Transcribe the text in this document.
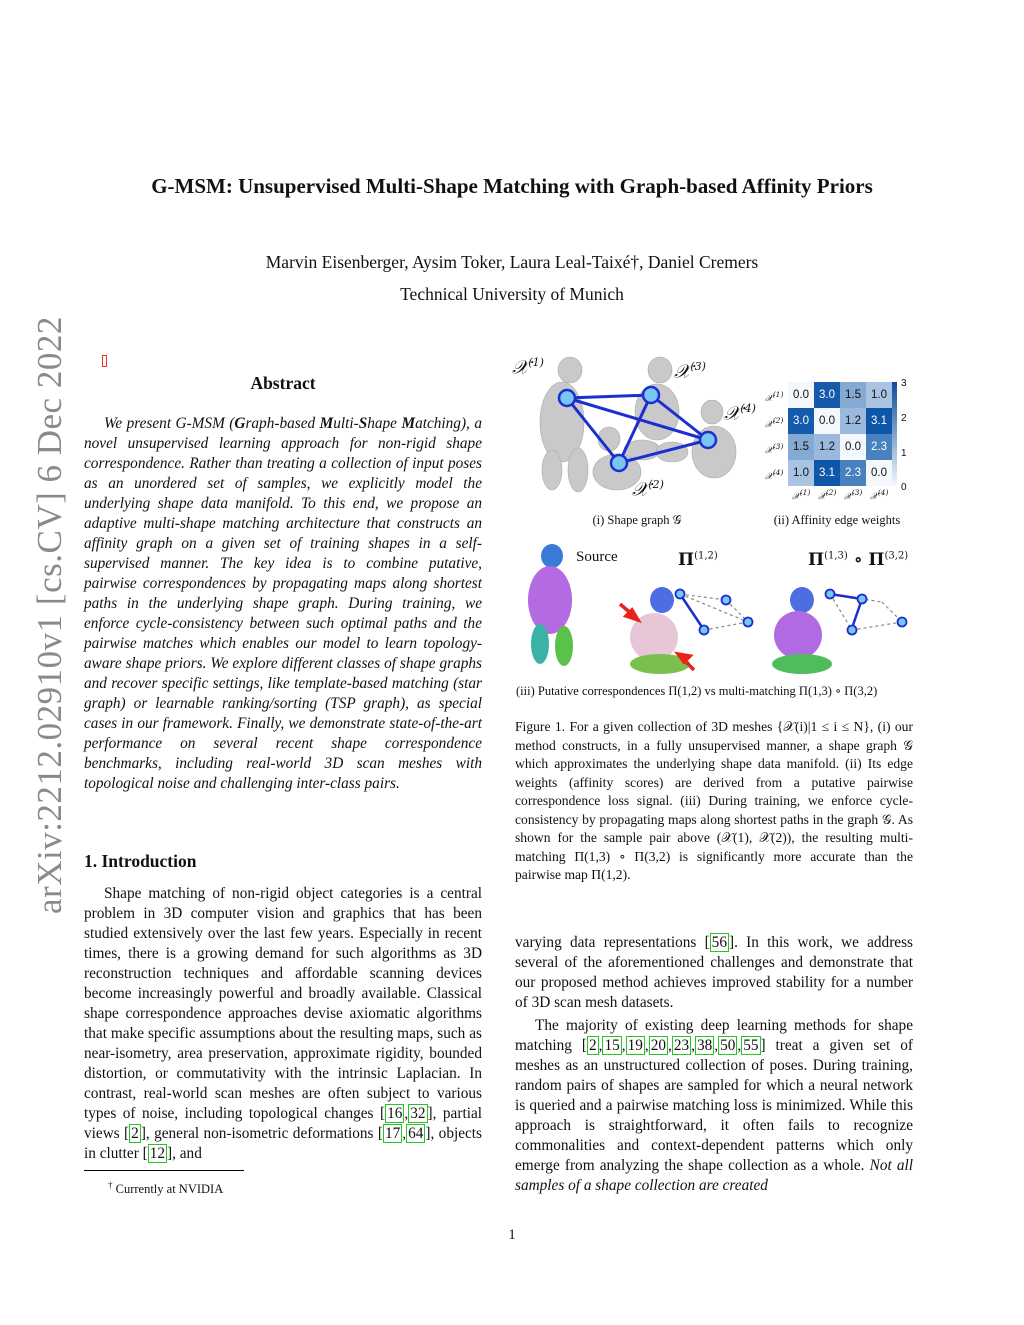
G-MSM: Unsupervised Multi-Shape Matching with Graph-based Affinity Priors
Marvin Eisenberger, Aysim Toker, Laura Leal-Taixé†, Daniel Cremers
Technical University of Munich
arXiv:2212.02910v1 [cs.CV] 6 Dec 2022	Abstract
We present G-MSM (Graph-based Multi-Shape Matching), a novel unsupervised learning approach for non-rigid shape correspondence. Rather than treating a collection of input poses as an unordered set of samples, we explicitly model the underlying shape data manifold. To this end, we propose an adaptive multi-shape matching architecture that constructs an affinity graph on a given set of training shapes in a self-supervised manner. The key idea is to combine putative, pairwise correspondences by propagating maps along shortest paths in the underlying shape graph. During training, we enforce cycle-consistency between such optimal paths and the pairwise matches which enables our model to learn topology-aware shape priors. We explore different classes of shape graphs and recover specific settings, like template-based matching (star graph) or learnable ranking/sorting (TSP graph), as special cases in our framework. Finally, we demonstrate state-of-the-art performance on several recent shape correspondence benchmarks, including real-world 3D scan meshes with topological noise and challenging inter-class pairs.
1. Introduction
Shape matching of non-rigid object categories is a central problem in 3D computer vision and graphics that has been studied extensively over the last few years. Especially in recent times, there is a growing demand for such algorithms as 3D reconstruction techniques and affordable scanning devices become increasingly powerful and broadly available. Classical shape correspondence approaches devise axiomatic algorithms that make specific assumptions about the resulting maps, such as near-isometry, area preservation, approximate rigidity, bounded distortion, or commutativity with the intrinsic Laplacian. In contrast, real-world scan meshes are often subject to various types of noise, including topological changes [ 16 , 32 ], partial views [ 2 ], general non-isometric deformations [ 17 , 64 ], objects in clutter [ 12 ], and
† Currently at NVIDIA
𝒳$^{(1)}$	𝒳$^{(3)}$
𝒳$^{(4)}$
𝒳$^{(2)}$
0.0 3.0 1.5 1.0
3.0 0.0 1.2 3.1
1.5 1.2 0.0 2.3
1.0 3.1 2.3 0.0
𝒳$^{(1)}$
𝒳$^{(2)}$
𝒳$^{(3)}$
𝒳$^{(4)}$
𝒳$^{(1)}$ 𝒳$^{(2)}$ 𝒳$^{(3)}$ 𝒳$^{(4)}$
3
2
1
0
(i) Shape graph 𝒢	(ii) Affinity edge weights
Source	Π$^{(1,2)}$	Π$^{(1,3)}$ ∘ Π$^{(3,2)}$
(iii) Putative correspondences Π(1,2) vs multi-matching Π(1,3) ∘ Π(3,2)
Figure 1. For a given collection of 3D meshes {𝒳(i)|1 ≤ i ≤ N}, (i) our method constructs, in a fully unsupervised manner, a shape graph 𝒢 which approximates the underlying shape data manifold. (ii) Its edge weights (affinity scores) are derived from a putative pairwise correspondence loss signal. (iii) During training, we enforce cycle-consistency by propagating maps along shortest paths in the graph 𝒢. As shown for the sample pair above (𝒳(1), 𝒳(2)), the resulting multi-matching Π(1,3) ∘ Π(3,2) is significantly more accurate than the pairwise map Π(1,2).
varying data representations [ 56 ]. In this work, we address several of the aforementioned challenges and demonstrate that our proposed method achieves improved stability for a number of 3D scan mesh datasets.
The majority of existing deep learning methods for shape matching [ 2 , 15 , 19 , 20 , 23 , 38 , 50 , 55 ] treat a given set of meshes as an unstructured collection of poses. During training, random pairs of shapes are sampled for which a neural network is queried and a pairwise matching loss is minimized. While this approach is straightforward, it often fails to recognize commonalities and context-dependent patterns which only emerge from analyzing the shape collection as a whole. Not all samples of a shape collection are created
1
